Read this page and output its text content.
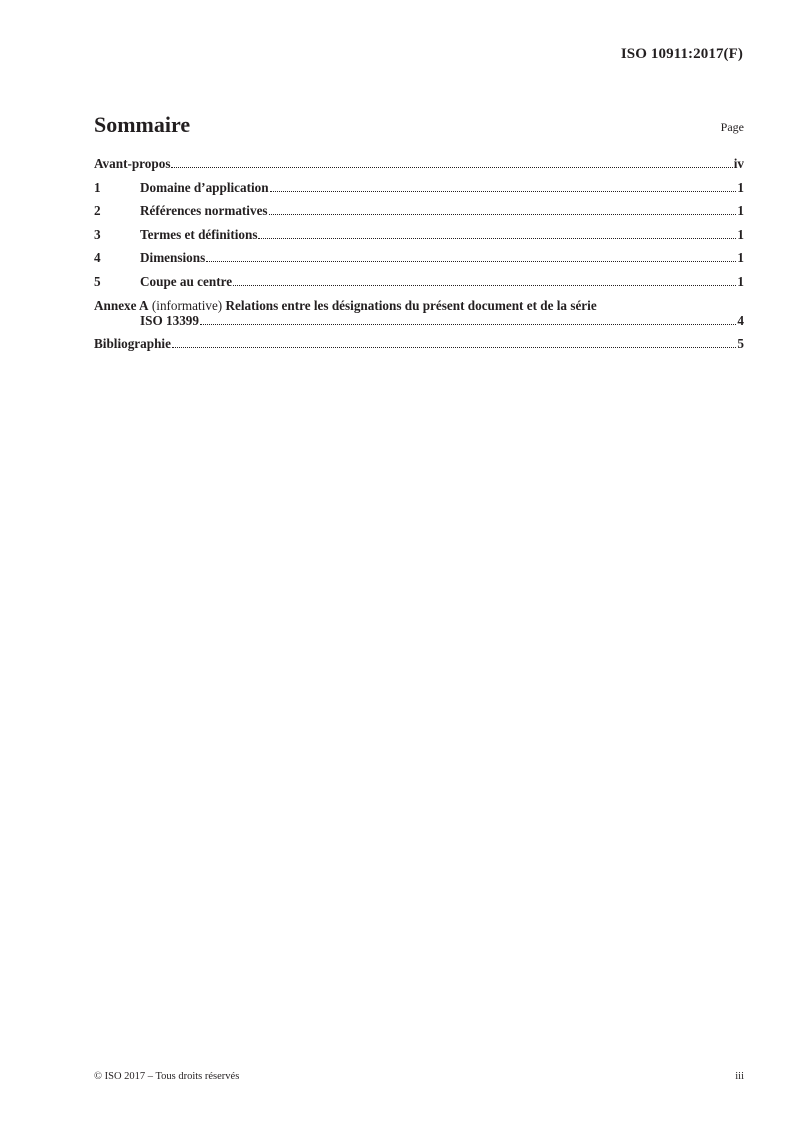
ISO 10911:2017(F)
Sommaire	Page
Avant-propos	iv
1	Domaine d’application	1
2	Références normatives	1
3	Termes et définitions	1
4	Dimensions	1
5	Coupe au centre	1
Annexe A
(informative)
Relations entre les désignations du présent document et de la série
ISO 13399	4
Bibliographie	5
© ISO 2017 – Tous droits réservés	iii
